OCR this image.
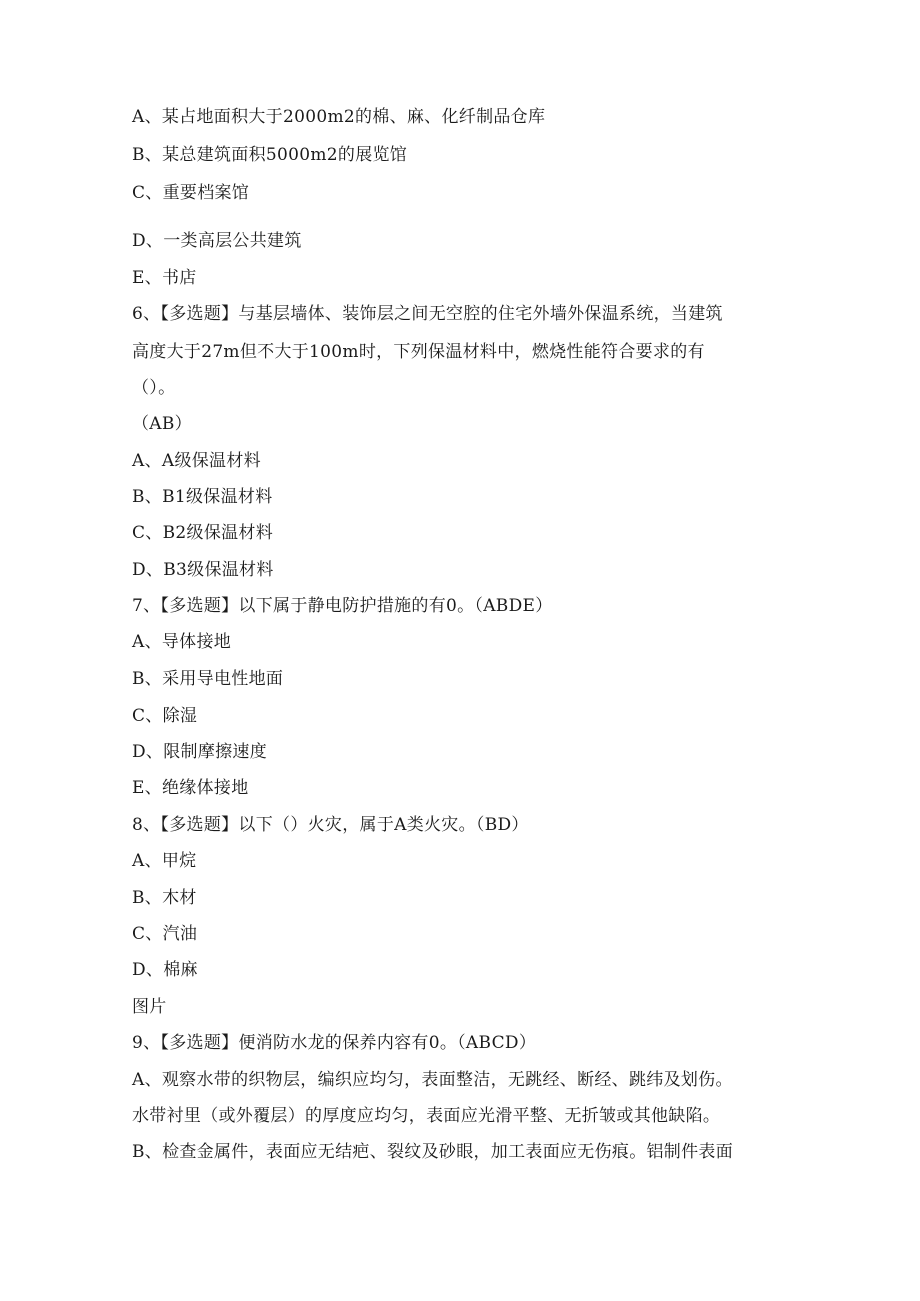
A、某占地面积大于2000m2的棉、麻、化纤制品仓库
B、某总建筑面积5000m2的展览馆
C、重要档案馆
D、一类高层公共建筑
E、书店
6、【多选题】与基层墙体、装饰层之间无空腔的住宅外墙外保温系统，当建筑
高度大于27m但不大于100m时，下列保温材料中，燃烧性能符合要求的有
（）。
（AB）
A、A级保温材料
B、B1级保温材料
C、B2级保温材料
D、B3级保温材料
7、【多选题】以下属于静电防护措施的有0。（ABDE）
A、导体接地
B、采用导电性地面
C、除湿
D、限制摩擦速度
E、绝缘体接地
8、【多选题】以下（）火灾，属于A类火灾。（BD）
A、甲烷
B、木材
C、汽油
D、棉麻
图片
9、【多选题】便消防水龙的保养内容有0。（ABCD）
A、观察水带的织物层，编织应均匀，表面整洁，无跳经、断经、跳纬及划伤。
水带衬里（或外覆层）的厚度应均匀，表面应光滑平整、无折皱或其他缺陷。
B、检查金属件，表面应无结疤、裂纹及砂眼，加工表面应无伤痕。铝制件表面
